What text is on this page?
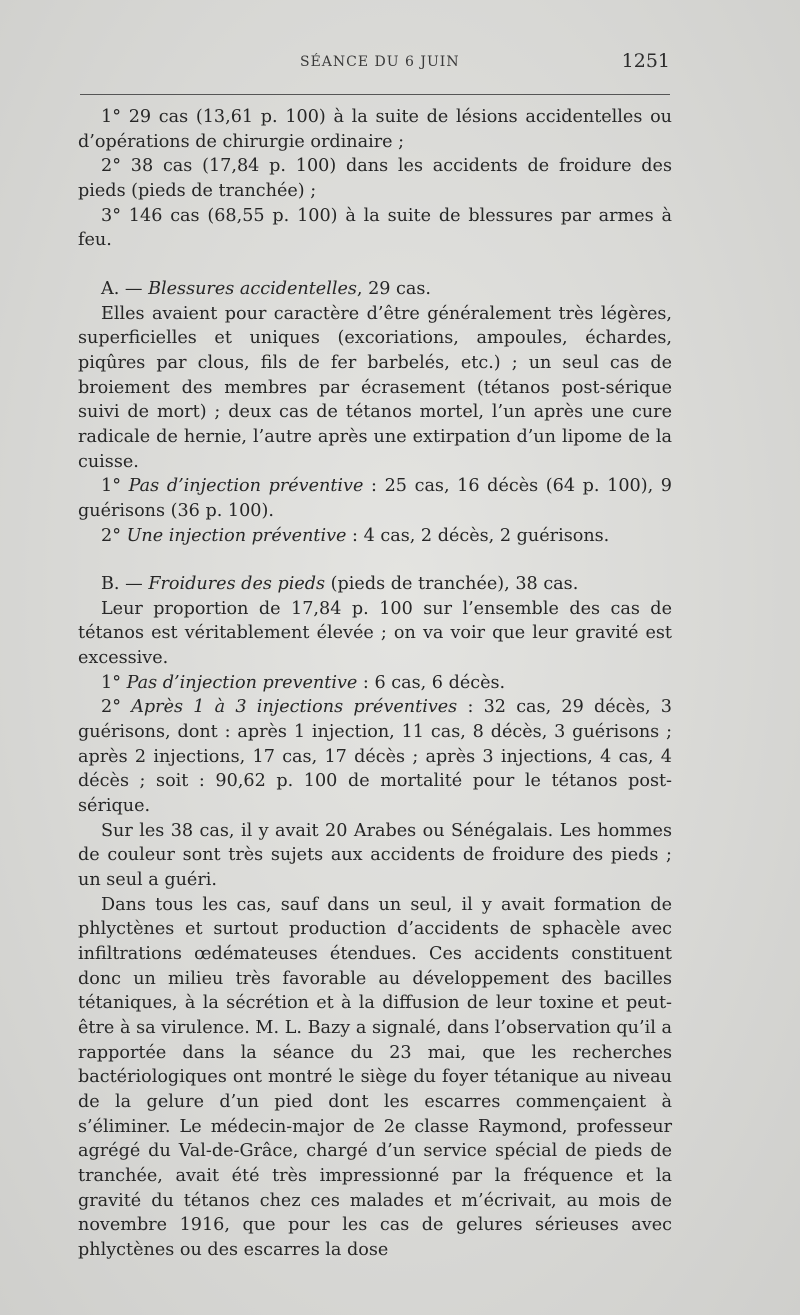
SÉANCE DU 6 JUIN	1251

1° 29 cas (13,61 p. 100) à la suite de lésions accidentelles ou d’opérations de chirurgie ordinaire ;

2° 38 cas (17,84 p. 100) dans les accidents de froidure des pieds (pieds de tranchée) ;

3° 146 cas (68,55 p. 100) à la suite de blessures par armes à feu.

A. — Blessures accidentelles, 29 cas.

Elles avaient pour caractère d’être généralement très légères, superficielles et uniques (excoriations, ampoules, échardes, piqûres par clous, fils de fer barbelés, etc.) ; un seul cas de broiement des membres par écrasement (tétanos post-sérique suivi de mort) ; deux cas de tétanos mortel, l’un après une cure radicale de hernie, l’autre après une extirpation d’un lipome de la cuisse.

1° Pas d’injection préventive : 25 cas, 16 décès (64 p. 100), 9 guérisons (36 p. 100).

2° Une injection préventive : 4 cas, 2 décès, 2 guérisons.

B. — Froidures des pieds (pieds de tranchée), 38 cas.

Leur proportion de 17,84 p. 100 sur l’ensemble des cas de tétanos est véritablement élevée ; on va voir que leur gravité est excessive.

1° Pas d’injection preventive : 6 cas, 6 décès.

2° Après 1 à 3 injections préventives : 32 cas, 29 décès, 3 guérisons, dont : après 1 injection, 11 cas, 8 décès, 3 guérisons ; après 2 injections, 17 cas, 17 décès ; après 3 injections, 4 cas, 4 décès ; soit : 90,62 p. 100 de mortalité pour le tétanos post-sérique.

Sur les 38 cas, il y avait 20 Arabes ou Sénégalais. Les hommes de couleur sont très sujets aux accidents de froidure des pieds ; un seul a guéri.

Dans tous les cas, sauf dans un seul, il y avait formation de phlyctènes et surtout production d’accidents de sphacèle avec infiltrations œdémateuses étendues. Ces accidents constituent donc un milieu très favorable au développement des bacilles tétaniques, à la sécrétion et à la diffusion de leur toxine et peut-être à sa virulence. M. L. Bazy a signalé, dans l’observation qu’il a rapportée dans la séance du 23 mai, que les recherches bactériologiques ont montré le siège du foyer tétanique au niveau de la gelure d’un pied dont les escarres commençaient à s’éliminer. Le médecin-major de 2e classe Raymond, professeur agrégé du Val-de-Grâce, chargé d’un service spécial de pieds de tranchée, avait été très impressionné par la fréquence et la gravité du tétanos chez ces malades et m’écrivait, au mois de novembre 1916, que pour les cas de gelures sérieuses avec phlyctènes ou des escarres la dose
